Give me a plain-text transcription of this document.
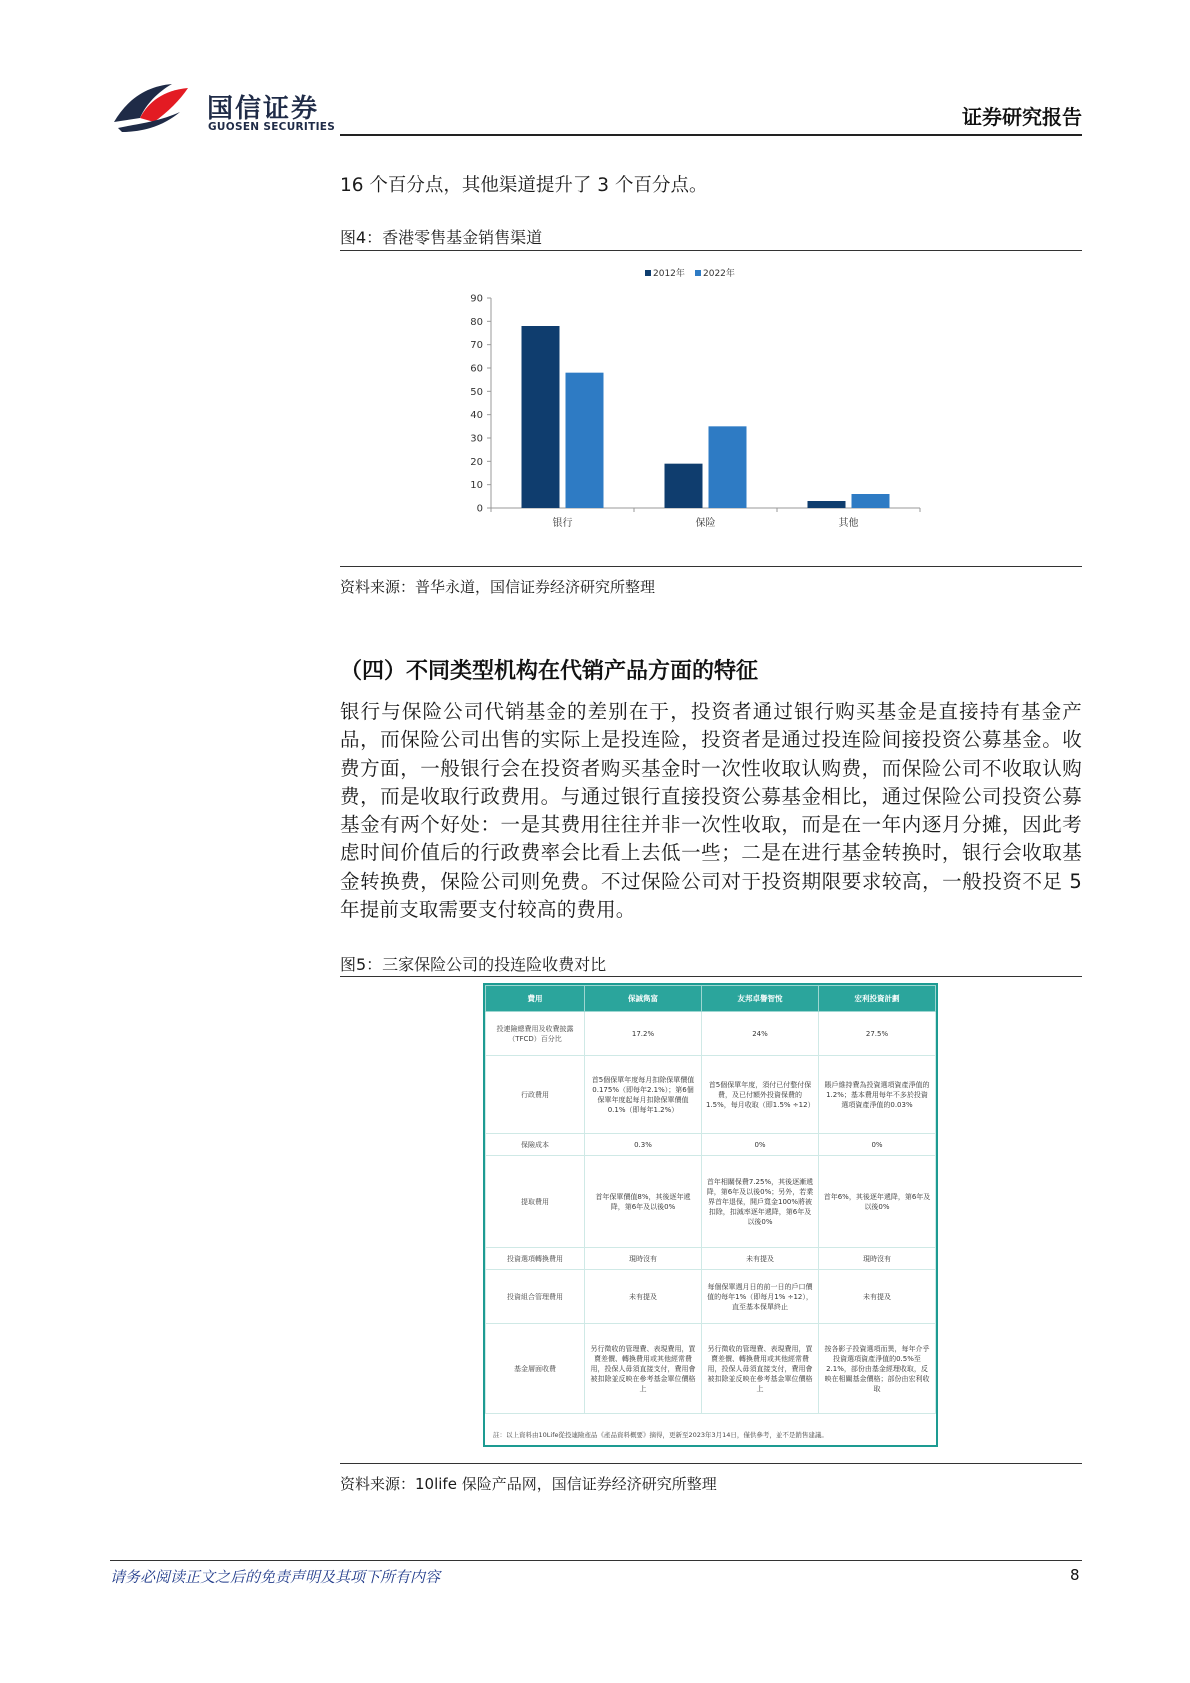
国信证券
GUOSEN SECURITIES	证券研究报告
16 个百分点，其他渠道提升了 3 个百分点。
图4：香港零售基金销售渠道
0
10
20
30
40
50
60
70
80
90
银行	保险	其他
2012年 2022年
资料来源：普华永道，国信证券经济研究所整理
（四）不同类型机构在代销产品方面的特征
银行与保险公司代销基金的差别在于，投资者通过银行购买基金是直接持有基金产品，而保险公司出售的实际上是投连险，投资者是通过投连险间接投资公募基金。收费方面，一般银行会在投资者购买基金时一次性收取认购费，而保险公司不收取认购费，而是收取行政费用。与通过银行直接投资公募基金相比，通过保险公司投资公募基金有两个好处：一是其费用往往并非一次性收取，而是在一年内逐月分摊，因此考虑时间价值后的行政费率会比看上去低一些；二是在进行基金转换时，银行会收取基金转换费，保险公司则免费。不过保险公司对于投资期限要求较高，一般投资不足 5 年提前支取需要支付较高的费用。
图5：三家保险公司的投连险收费对比
費用	保誠雋富	友邦卓譽智悅	宏利投資計劃
投連險總費用及收費披露（TFCD）百分比	17.2%	24%	27.5%
行政費用	首5個保單年度每月扣除保單價值0.175%（即每年2.1%）；第6個保單年度起每月扣除保單價值0.1%（即每年1.2%）	首5個保單年度，須付已付整付保費，及已付額外投資保費的1.5%，每月收取（即1.5% ÷12）	賬戶維持費為投資選項資產淨值的1.2%；基本費用每年不多於投資選項資產淨值的0.03%
保險成本	0.3%	0%	0%
提取費用	首年保單價值8%，其後逐年遞降，第6年及以後0%	首年相關保費7.25%，其後逐漸遞降，第6年及以後0%；另外，若業界首年退保，開戶寬金100%將被扣除，扣減率逐年遞降，第6年及以後0%	首年6%，其後逐年遞降，第6年及以後0%
投資選項轉換費用	現時沒有	未有提及	現時沒有
投資組合管理費用	未有提及	每個保單週月日的前一日的戶口價值的每年1%（即每月1% ÷12），直至基本保單終止	未有提及
基金層面收費	另行徵收的管理費、表現費用，買賣差價、轉換費用或其他經常費用，投保人毋須直接支付，費用會被扣除並反映在參考基金單位價格上	另行徵收的管理費、表現費用，買賣差價、轉換費用或其他經常費用，投保人毋須直接支付，費用會被扣除並反映在參考基金單位價格上	按各影子投資選項而異，每年介乎投資選項資產淨值的0.5%至2.1%，部份由基金經理收取，反映在相關基金價格；部份由宏利收取
註：以上資料由10Life從投連險產品《產品資料概要》摘得，更新至2023年3月14日，僅供參考，並不是銷售建議。
资料来源：10life 保险产品网，国信证券经济研究所整理
请务必阅读正文之后的免责声明及其项下所有内容	8
